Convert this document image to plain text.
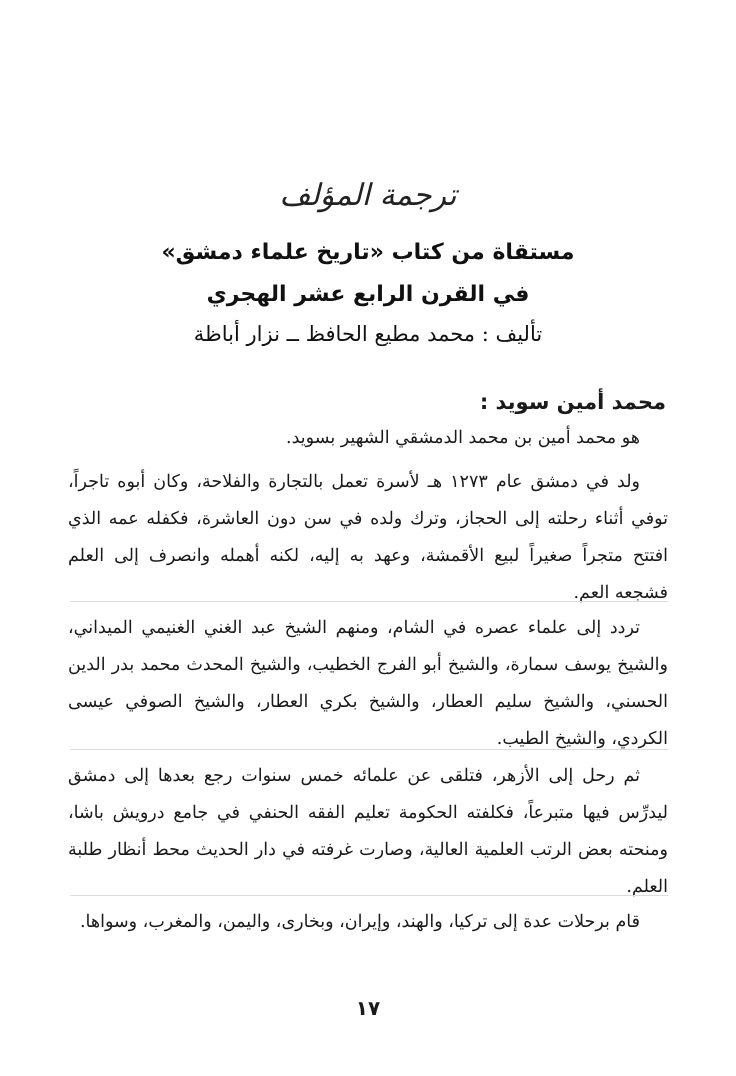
ترجمة المؤلف
مستقاة من كتاب «تاريخ علماء دمشق»
في القرن الرابع عشر الهجري
تأليف : محمد مطيع الحافظ ــ نزار أباظة
محمد أمين سويد :

هو محمد أمين بن محمد الدمشقي الشهير بسويد.

ولد في دمشق عام ١٢٧٣ هـ لأسرة تعمل بالتجارة والفلاحة، وكان أبوه تاجراً، توفي أثناء رحلته إلى الحجاز، وترك ولده في سن دون العاشرة، فكفله عمه الذي افتتح متجراً صغيراً لبيع الأقمشة، وعهد به إليه، لكنه أهمله وانصرف إلى العلم فشجعه العم.

تردد إلى علماء عصره في الشام، ومنهم الشيخ عبد الغني الغنيمي الميداني، والشيخ يوسف سمارة، والشيخ أبو الفرج الخطيب، والشيخ المحدث محمد بدر الدين الحسني، والشيخ سليم العطار، والشيخ بكري العطار، والشيخ الصوفي عيسى الكردي، والشيخ الطيب.

ثم رحل إلى الأزهر، فتلقى عن علمائه خمس سنوات رجع بعدها إلى دمشق ليدرِّس فيها متبرعاً، فكلفته الحكومة تعليم الفقه الحنفي في جامع درويش باشا، ومنحته بعض الرتب العلمية العالية، وصارت غرفته في دار الحديث محط أنظار طلبة العلم.

قام برحلات عدة إلى تركيا، والهند، وإيران، وبخارى، واليمن، والمغرب، وسواها.

١٧
